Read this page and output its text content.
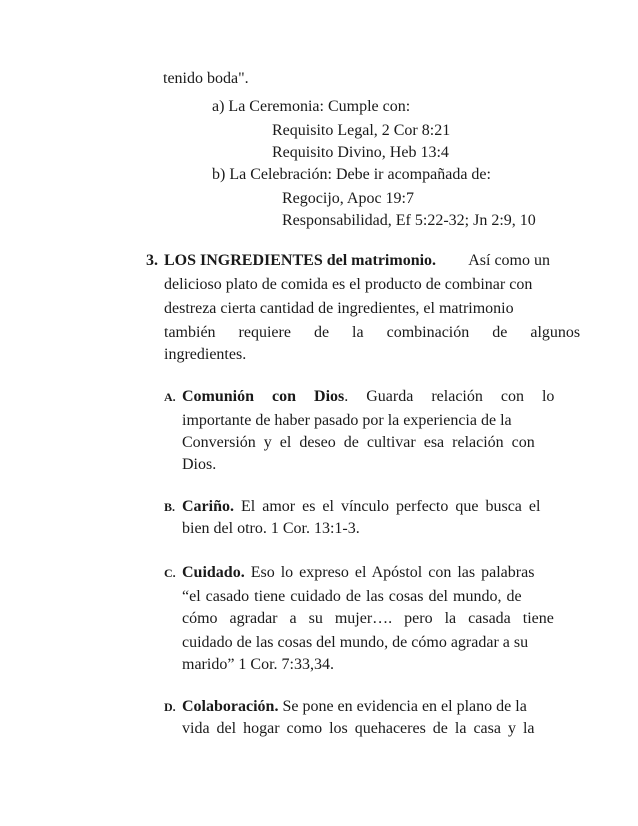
tenido boda".
a) La Ceremonia: Cumple con:
Requisito Legal, 2 Cor 8:21
Requisito Divino, Heb 13:4
b) La Celebración: Debe ir acompañada de:
Regocijo, Apoc 19:7
Responsabilidad, Ef 5:22-32; Jn 2:9, 10
3. LOS INGREDIENTES del matrimonio. Así como un
delicioso plato de comida es el producto de combinar con
destreza cierta cantidad de ingredientes, el matrimonio
también requiere de la combinación de algunos
ingredientes.
A. Comunión con Dios. Guarda relación con lo
importante de haber pasado por la experiencia de la
Conversión y el deseo de cultivar esa relación con
Dios.
B. Cariño. El amor es el vínculo perfecto que busca el
bien del otro. 1 Cor. 13:1-3.
C. Cuidado. Eso lo expreso el Apóstol con las palabras
“el casado tiene cuidado de las cosas del mundo, de
cómo agradar a su mujer…. pero la casada tiene
cuidado de las cosas del mundo, de cómo agradar a su
marido” 1 Cor. 7:33,34.
D. Colaboración. Se pone en evidencia en el plano de la
vida del hogar como los quehaceres de la casa y la
